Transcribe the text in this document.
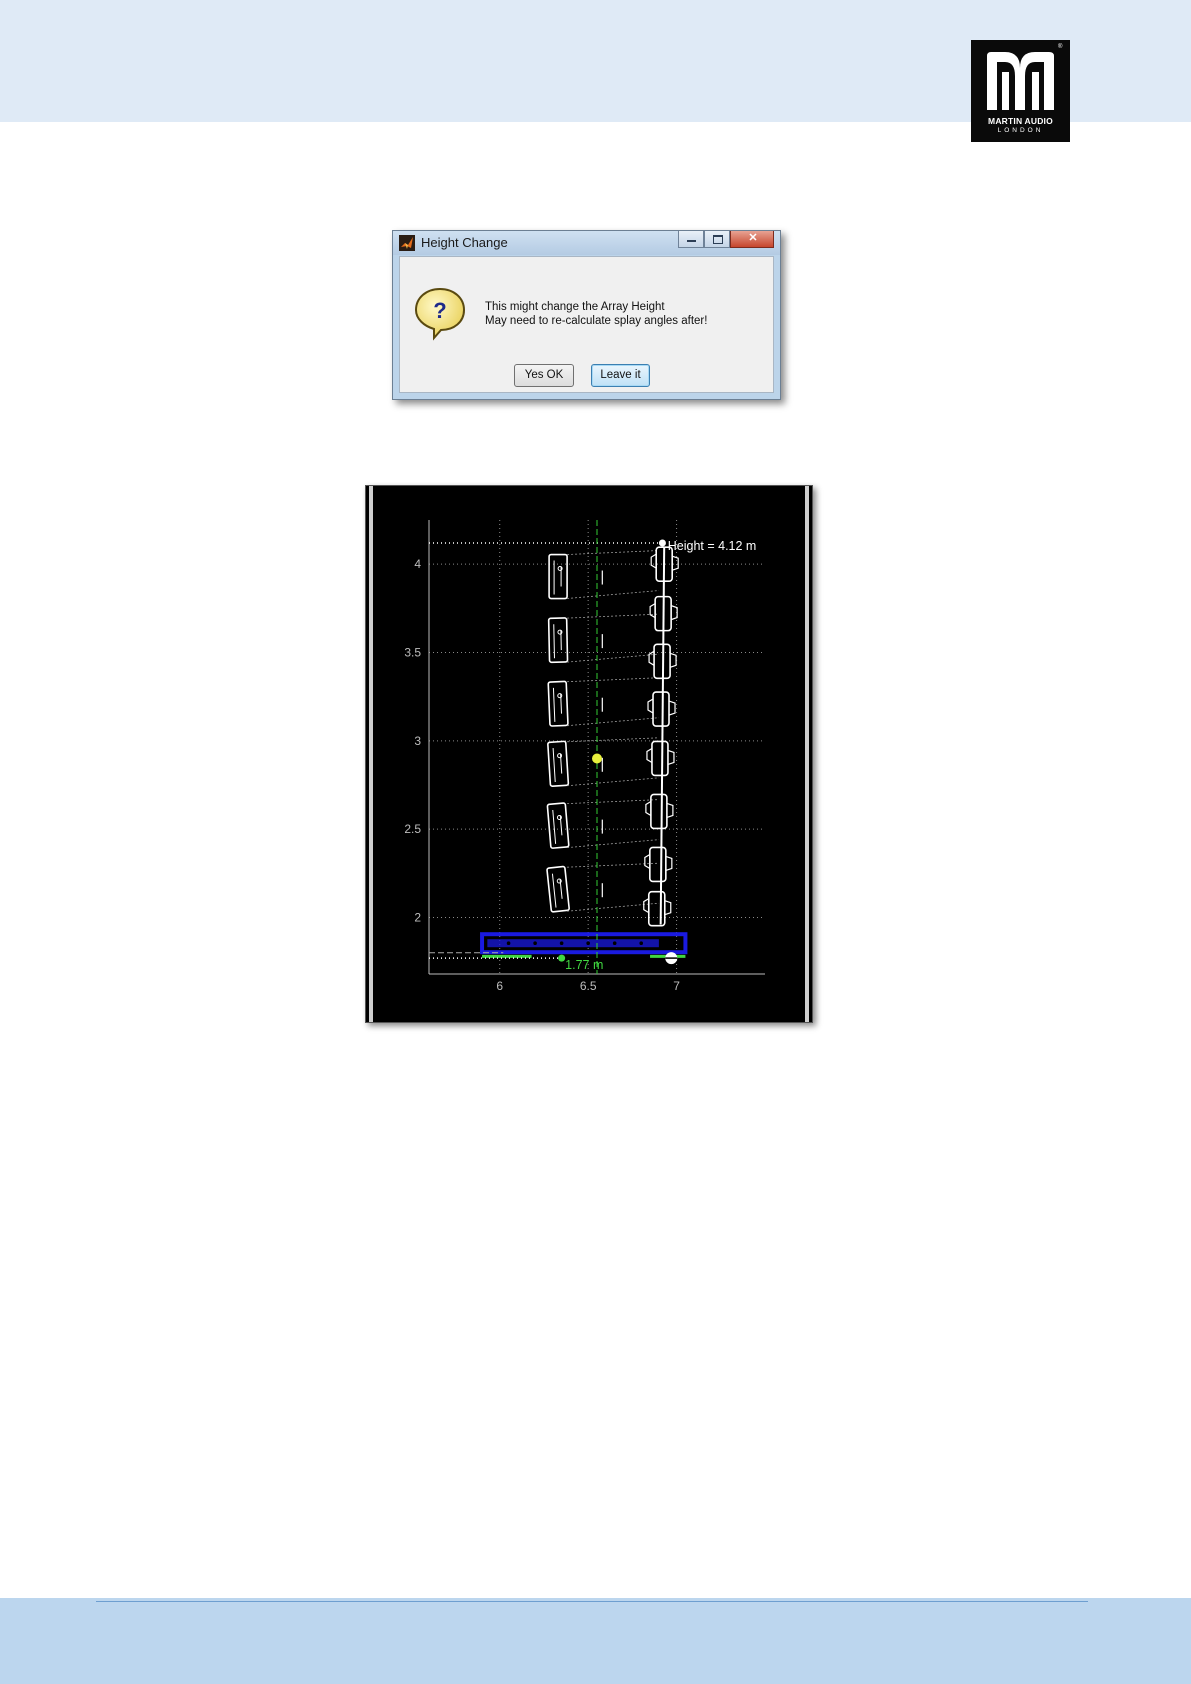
®
MARTIN AUDIO
LONDON
Height Change
✕
?	This might change the Array Height
May need to re-calculate splay angles after!
Yes OK	Leave it
6	6.5	7
2
2.5
3
3.5
4
Height = 4.12 m
1.77 m
